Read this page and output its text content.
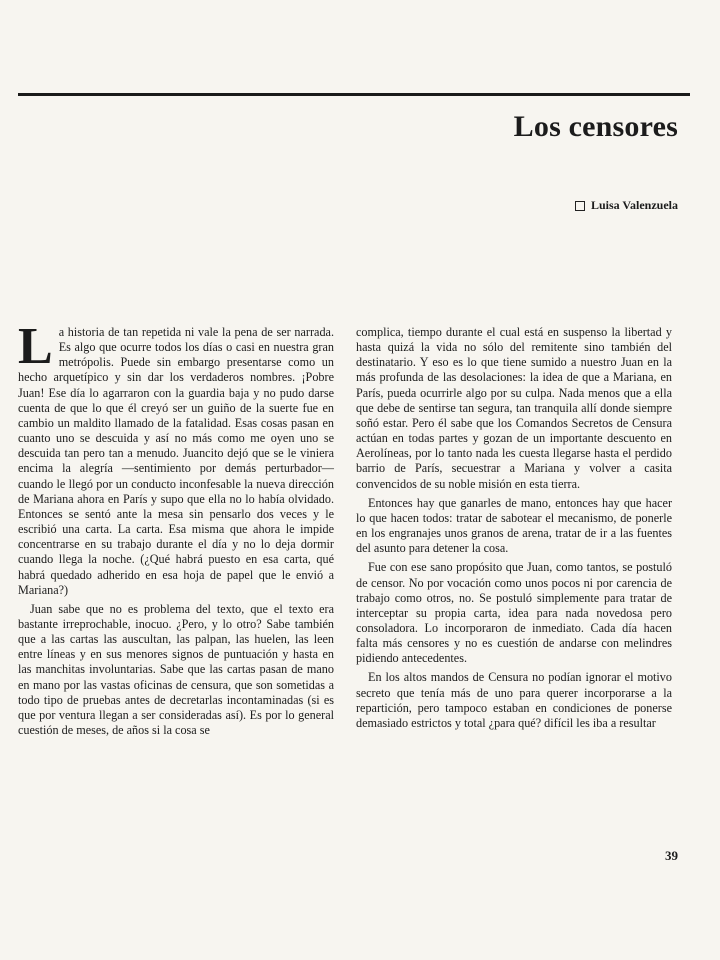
Los censores
Luisa Valenzuela

La historia de tan repetida ni vale la pena de ser narrada. Es algo que ocurre todos los días o casi en nuestra gran metrópolis. Puede sin embargo presentarse como un hecho arquetípico y sin dar los verdaderos nombres. ¡Pobre Juan! Ese día lo agarraron con la guardia baja y no pudo darse cuenta de que lo que él creyó ser un guiño de la suerte fue en cambio un maldito llamado de la fatalidad. Esas cosas pasan en cuanto uno se descuida y así no más como me oyen uno se descuida tan pero tan a menudo. Juancito dejó que se le viniera encima la alegría —sentimiento por demás perturbador— cuando le llegó por un conducto inconfesable la nueva dirección de Mariana ahora en París y supo que ella no lo había olvidado. Entonces se sentó ante la mesa sin pensarlo dos veces y le escribió una carta. La carta. Esa misma que ahora le impide concentrarse en su trabajo durante el día y no lo deja dormir cuando llega la noche. (¿Qué habrá puesto en esa carta, qué habrá quedado adherido en esa hoja de papel que le envió a Mariana?)

Juan sabe que no es problema del texto, que el texto era bastante irreprochable, inocuo. ¿Pero, y lo otro? Sabe también que a las cartas las auscultan, las palpan, las huelen, las leen entre líneas y en sus menores signos de puntuación y hasta en las manchitas involuntarias. Sabe que las cartas pasan de mano en mano por las vastas oficinas de censura, que son sometidas a todo tipo de pruebas antes de decretarlas incontaminadas (si es que por ventura llegan a ser consideradas así). Es por lo general cuestión de meses, de años si la cosa se

complica, tiempo durante el cual está en suspenso la libertad y hasta quizá la vida no sólo del remitente sino también del destinatario. Y eso es lo que tiene sumido a nuestro Juan en la más profunda de las desolaciones: la idea de que a Mariana, en París, pueda ocurrirle algo por su culpa. Nada menos que a ella que debe de sentirse tan segura, tan tranquila allí donde siempre soñó estar. Pero él sabe que los Comandos Secretos de Censura actúan en todas partes y gozan de un importante descuento en Aerolíneas, por lo tanto nada les cuesta llegarse hasta el perdido barrio de París, secuestrar a Mariana y volver a casita convencidos de su noble misión en esta tierra.

Entonces hay que ganarles de mano, entonces hay que hacer lo que hacen todos: tratar de sabotear el mecanismo, de ponerle en los engranajes unos granos de arena, tratar de ir a las fuentes del asunto para detener la cosa.

Fue con ese sano propósito que Juan, como tantos, se postuló de censor. No por vocación como unos pocos ni por carencia de trabajo como otros, no. Se postuló simplemente para tratar de interceptar su propia carta, idea para nada novedosa pero consoladora. Lo incorporaron de inmediato. Cada día hacen falta más censores y no es cuestión de andarse con melindres pidiendo antecedentes.

En los altos mandos de Censura no podían ignorar el motivo secreto que tenía más de uno para querer incorporarse a la repartición, pero tampoco estaban en condiciones de ponerse demasiado estrictos y total ¿para qué? difícil les iba a resultar

39
